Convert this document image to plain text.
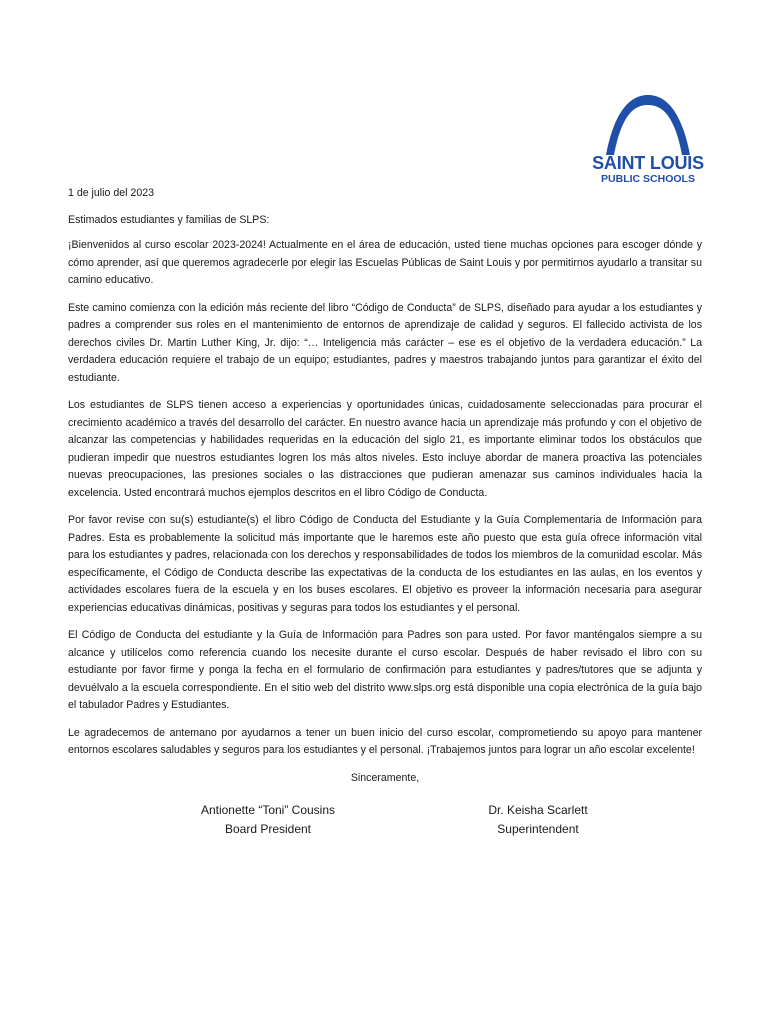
SAINT LOUIS
PUBLIC SCHOOLS

1 de julio del 2023

Estimados estudiantes y familias de SLPS:

¡Bienvenidos al curso escolar 2023-2024! Actualmente en el área de educación, usted tiene muchas opciones para escoger dónde y cómo aprender, así que queremos agradecerle por elegir las Escuelas Públicas de Saint Louis y por permitirnos ayudarlo a transitar su camino educativo.

Este camino comienza con la edición más reciente del libro “Código de Conducta” de SLPS, diseñado para ayudar a los estudiantes y padres a comprender sus roles en el mantenimiento de entornos de aprendizaje de calidad y seguros. El fallecido activista de los derechos civiles Dr. Martin Luther King, Jr. dijo: “… Inteligencia más carácter – ese es el objetivo de la verdadera educación.” La verdadera educación requiere el trabajo de un equipo; estudiantes, padres y maestros trabajando juntos para garantizar el éxito del estudiante.

Los estudiantes de SLPS tienen acceso a experiencias y oportunidades únicas, cuidadosamente seleccionadas para procurar el crecimiento académico a través del desarrollo del carácter. En nuestro avance hacia un aprendizaje más profundo y con el objetivo de alcanzar las competencias y habilidades requeridas en la educación del siglo 21, es importante eliminar todos los obstáculos que pudieran impedir que nuestros estudiantes logren los más altos niveles. Esto incluye abordar de manera proactiva las potenciales nuevas preocupaciones, las presiones sociales o las distracciones que pudieran amenazar sus caminos individuales hacia la excelencia. Usted encontrará muchos ejemplos descritos en el libro Código de Conducta.

Por favor revise con su(s) estudiante(s) el libro Código de Conducta del Estudiante y la Guía Complementaria de Información para Padres. Esta es probablemente la solicitud más importante que le haremos este año puesto que esta guía ofrece información vital para los estudiantes y padres, relacionada con los derechos y responsabilidades de todos los miembros de la comunidad escolar. Más específicamente, el Código de Conducta describe las expectativas de la conducta de los estudiantes en las aulas, en los eventos y actividades escolares fuera de la escuela y en los buses escolares. El objetivo es proveer la información necesaria para asegurar experiencias educativas dinámicas, positivas y seguras para todos los estudiantes y el personal.

El Código de Conducta del estudiante y la Guía de Información para Padres son para usted. Por favor manténgalos siempre a su alcance y utilícelos como referencia cuando los necesite durante el curso escolar. Después de haber revisado el libro con su estudiante por favor firme y ponga la fecha en el formulario de confirmación para estudiantes y padres/tutores que se adjunta y devuélvalo a la escuela correspondiente. En el sitio web del distrito www.slps.org está disponible una copia electrónica de la guía bajo el tabulador Padres y Estudiantes.

Le agradecemos de antemano por ayudarnos a tener un buen inicio del curso escolar, comprometiendo su apoyo para mantener entornos escolares saludables y seguros para los estudiantes y el personal. ¡Trabajemos juntos para lograr un año escolar excelente!

Sinceramente,

Antionette “Toni” Cousins
Board President
Dr. Keisha Scarlett
Superintendent
